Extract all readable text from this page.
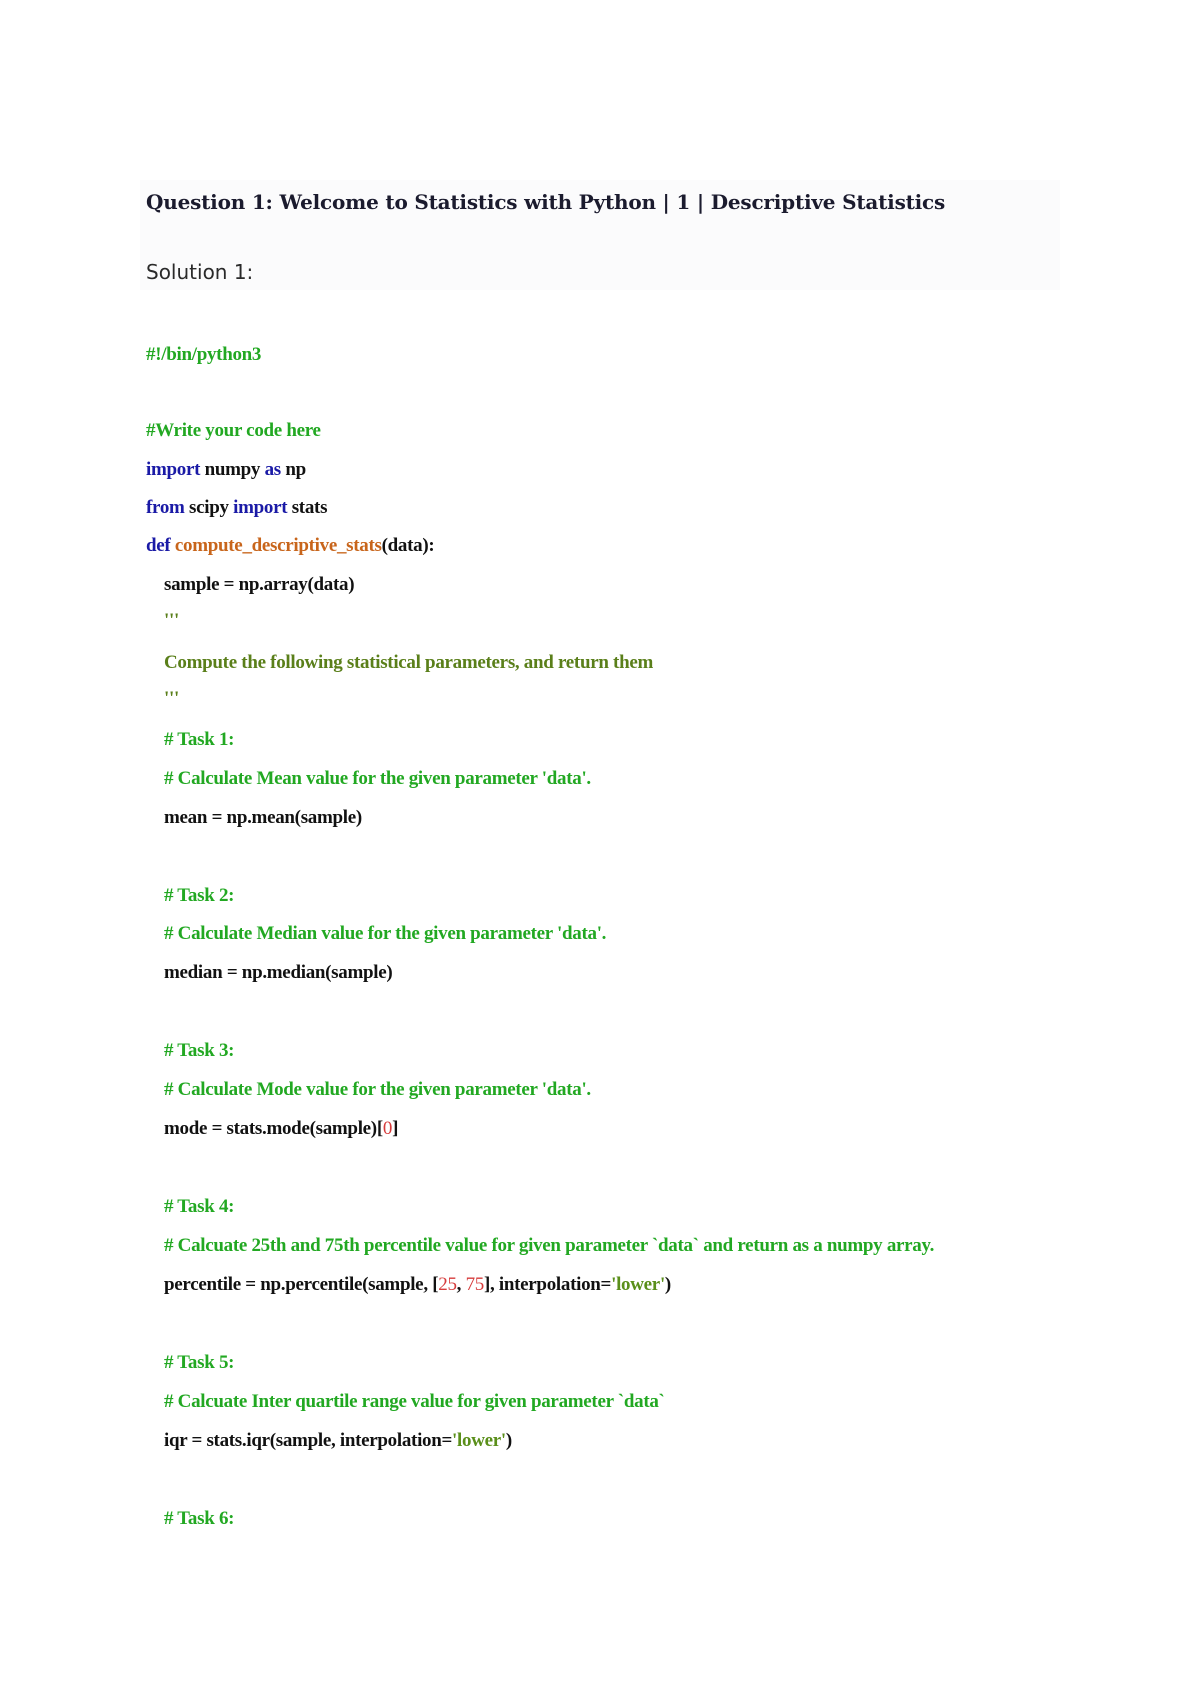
Question 1: Welcome to Statistics with Python | 1 | Descriptive Statistics
Solution 1:
#!/bin/python3
#Write your code here
import numpy as np
from scipy import stats
def compute_descriptive_stats(data):
sample = np.array(data)
'''
Compute the following statistical parameters, and return them
'''
# Task 1:
# Calculate Mean value for the given parameter 'data'.
mean = np.mean(sample)
# Task 2:
# Calculate Median value for the given parameter 'data'.
median = np.median(sample)
# Task 3:
# Calculate Mode value for the given parameter 'data'.
mode = stats.mode(sample)[0]
# Task 4:
# Calcuate 25th and 75th percentile value for given parameter `data` and return as a numpy array.
percentile = np.percentile(sample, [25, 75], interpolation='lower')
# Task 5:
# Calcuate Inter quartile range value for given parameter `data`
iqr = stats.iqr(sample, interpolation='lower')
# Task 6:
